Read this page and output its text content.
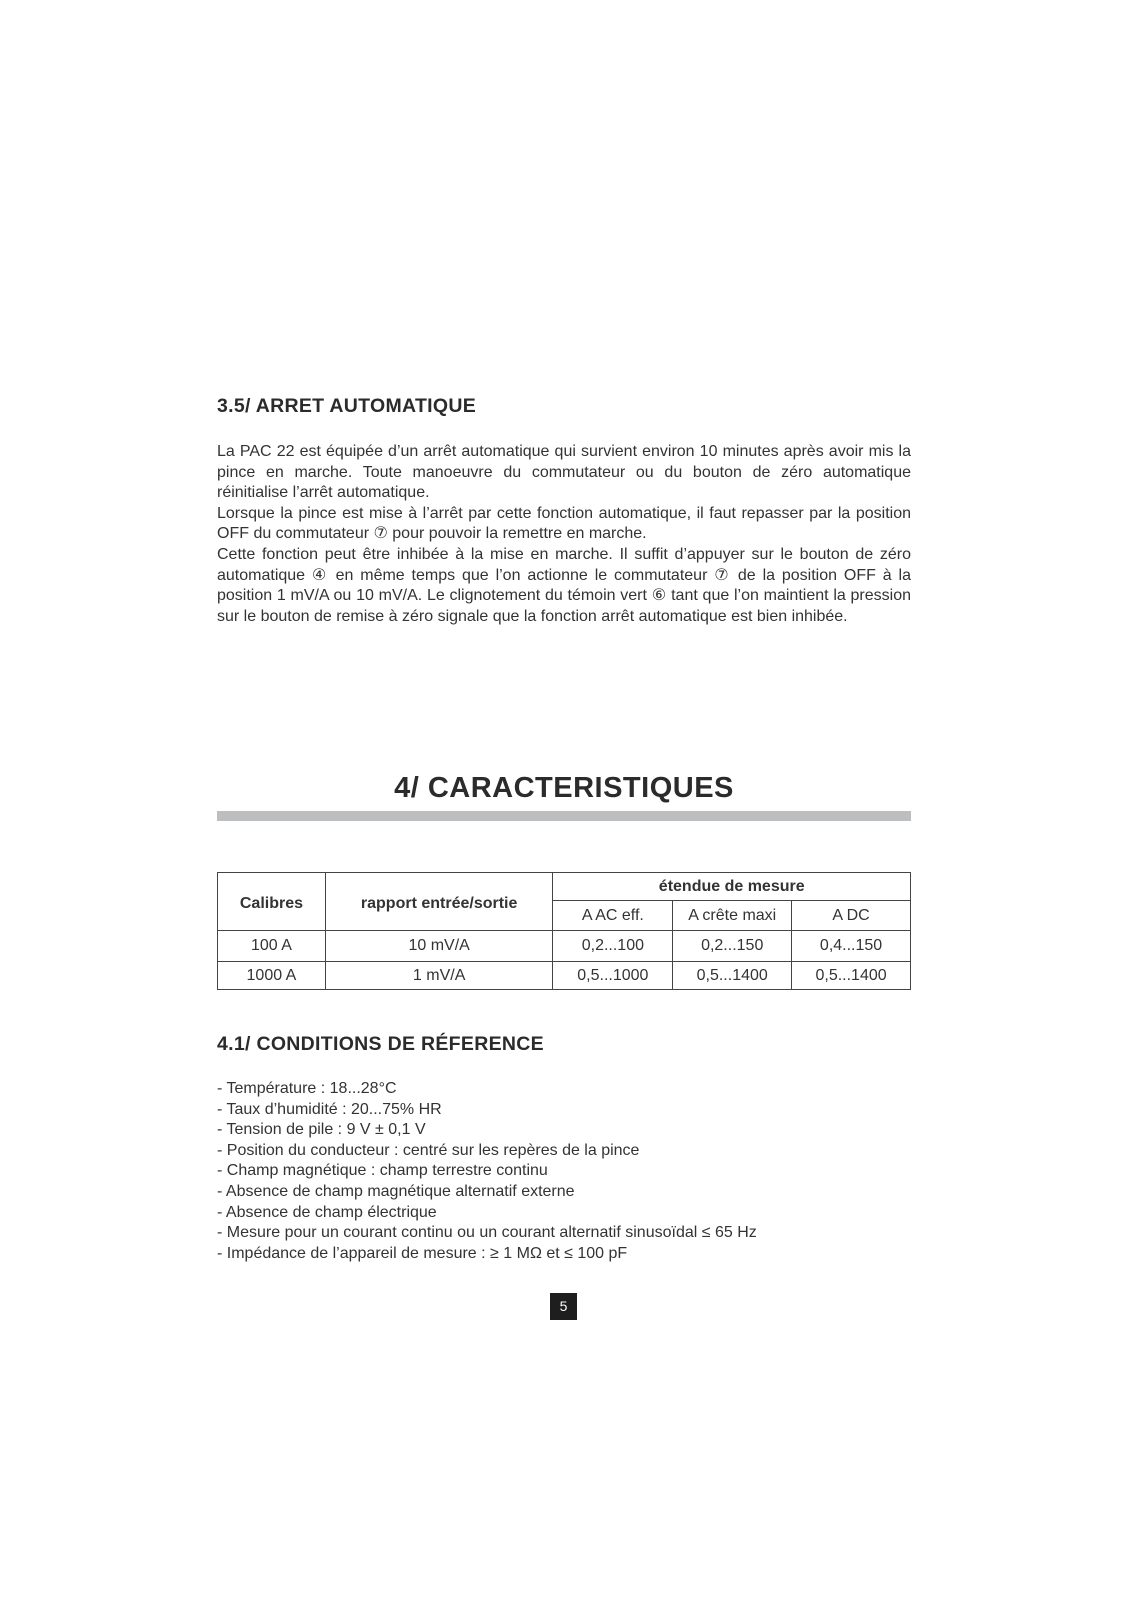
3.5/ ARRET AUTOMATIQUE

La PAC 22 est équipée d’un arrêt automatique qui survient environ 10 minutes après avoir mis la pince en marche. Toute manoeuvre du commutateur ou du bouton de zéro automatique réinitialise l’arrêt automatique.

Lorsque la pince est mise à l’arrêt par cette fonction automatique, il faut repasser par la position OFF du commutateur ⑦ pour pouvoir la remettre en marche.

Cette fonction peut être inhibée à la mise en marche. Il suffit d’appuyer sur le bouton de zéro automatique ④ en même temps que l’on actionne le commutateur ⑦ de la position OFF à la position 1 mV/A ou 10 mV/A. Le clignotement du témoin vert ⑥ tant que l’on maintient la pression sur le bouton de remise à zéro signale que la fonction arrêt automatique est bien inhibée.

4/ CARACTERISTIQUES
Calibres	rapport entrée/sortie	étendue de mesure		
		A AC eff.	A crête maxi	A DC
100 A	10 mV/A	0,2...100	0,2...150	0,4...150
1000 A	1 mV/A	0,5...1000	0,5...1400	0,5...1400
4.1/ CONDITIONS DE RÉFERENCE
- Température : 18...28°C
- Taux d’humidité : 20...75% HR
- Tension de pile : 9 V ± 0,1 V
- Position du conducteur : centré sur les repères de la pince
- Champ magnétique : champ terrestre continu
- Absence de champ magnétique alternatif externe
- Absence de champ électrique
- Mesure pour un courant continu ou un courant alternatif sinusoïdal ≤ 65 Hz
- Impédance de l’appareil de mesure : ≥ 1 MΩ et ≤ 100 pF
5
